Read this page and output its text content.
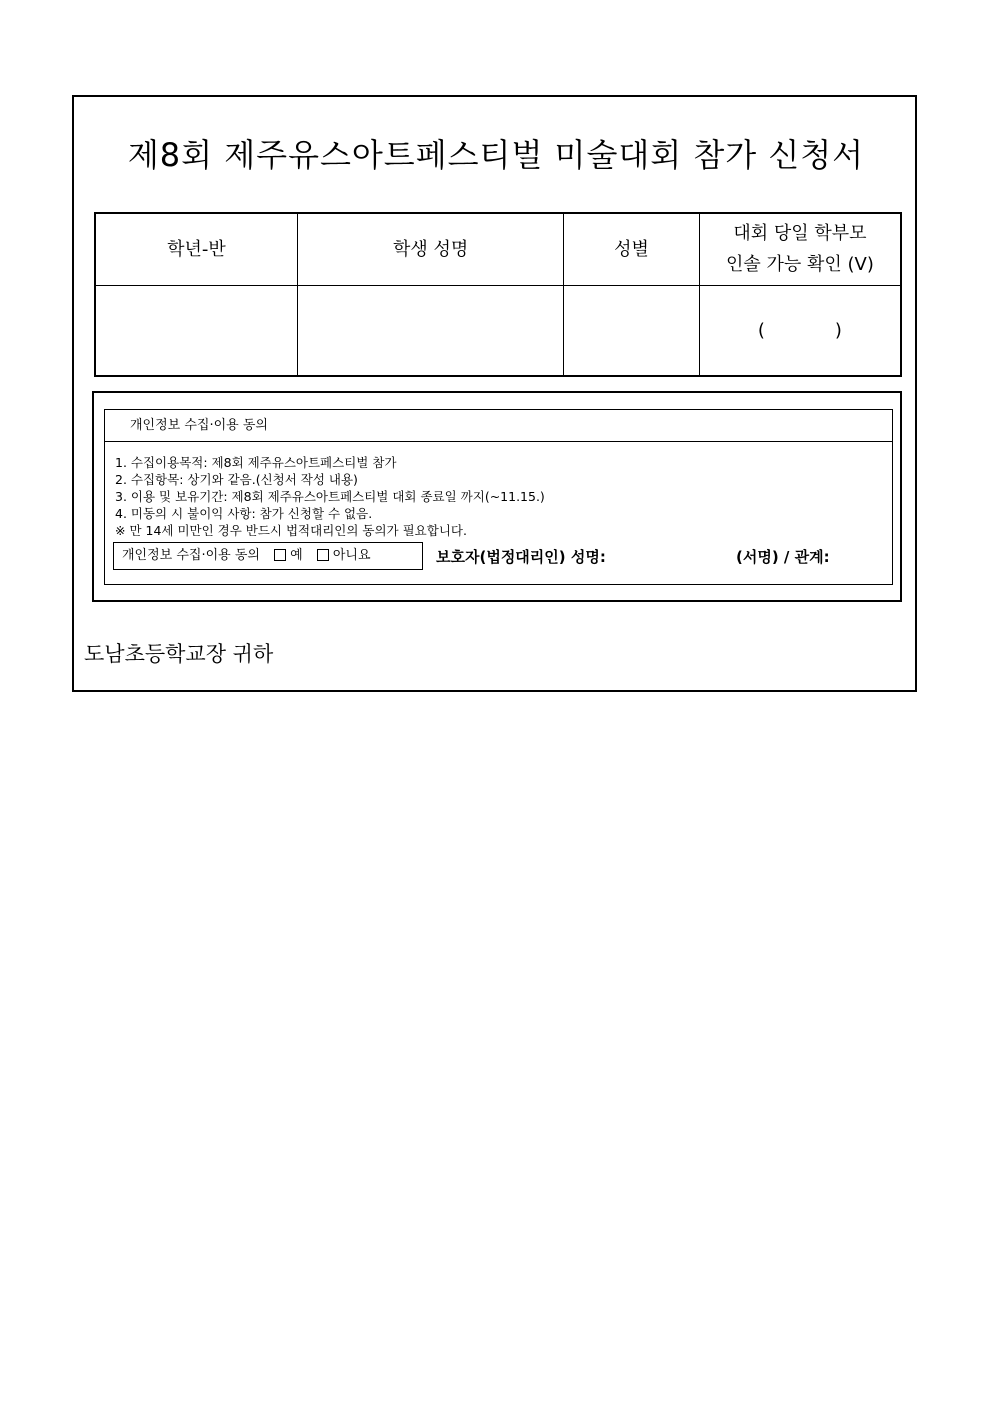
제8회 제주유스아트페스티벌 미술대회 참가 신청서
학년-반	학생 성명	성별	대회 당일 학부모
인솔 가능 확인 (V)

			( )
개인정보 수집·이용 동의
1. 수집이용목적: 제8회 제주유스아트페스티벌 참가
2. 수집항목: 상기와 같음.(신청서 작성 내용)
3. 이용 및 보유기간: 제8회 제주유스아트페스티벌 대회 종료일 까지(~11.15.)
4. 미동의 시 불이익 사항: 참가 신청할 수 없음.
※ 만 14세 미만인 경우 반드시 법적대리인의 동의가 필요합니다.
개인정보 수집·이용 동의 예 아니요	보호자(법정대리인) 성명:	(서명) / 관계:
도남초등학교장 귀하
